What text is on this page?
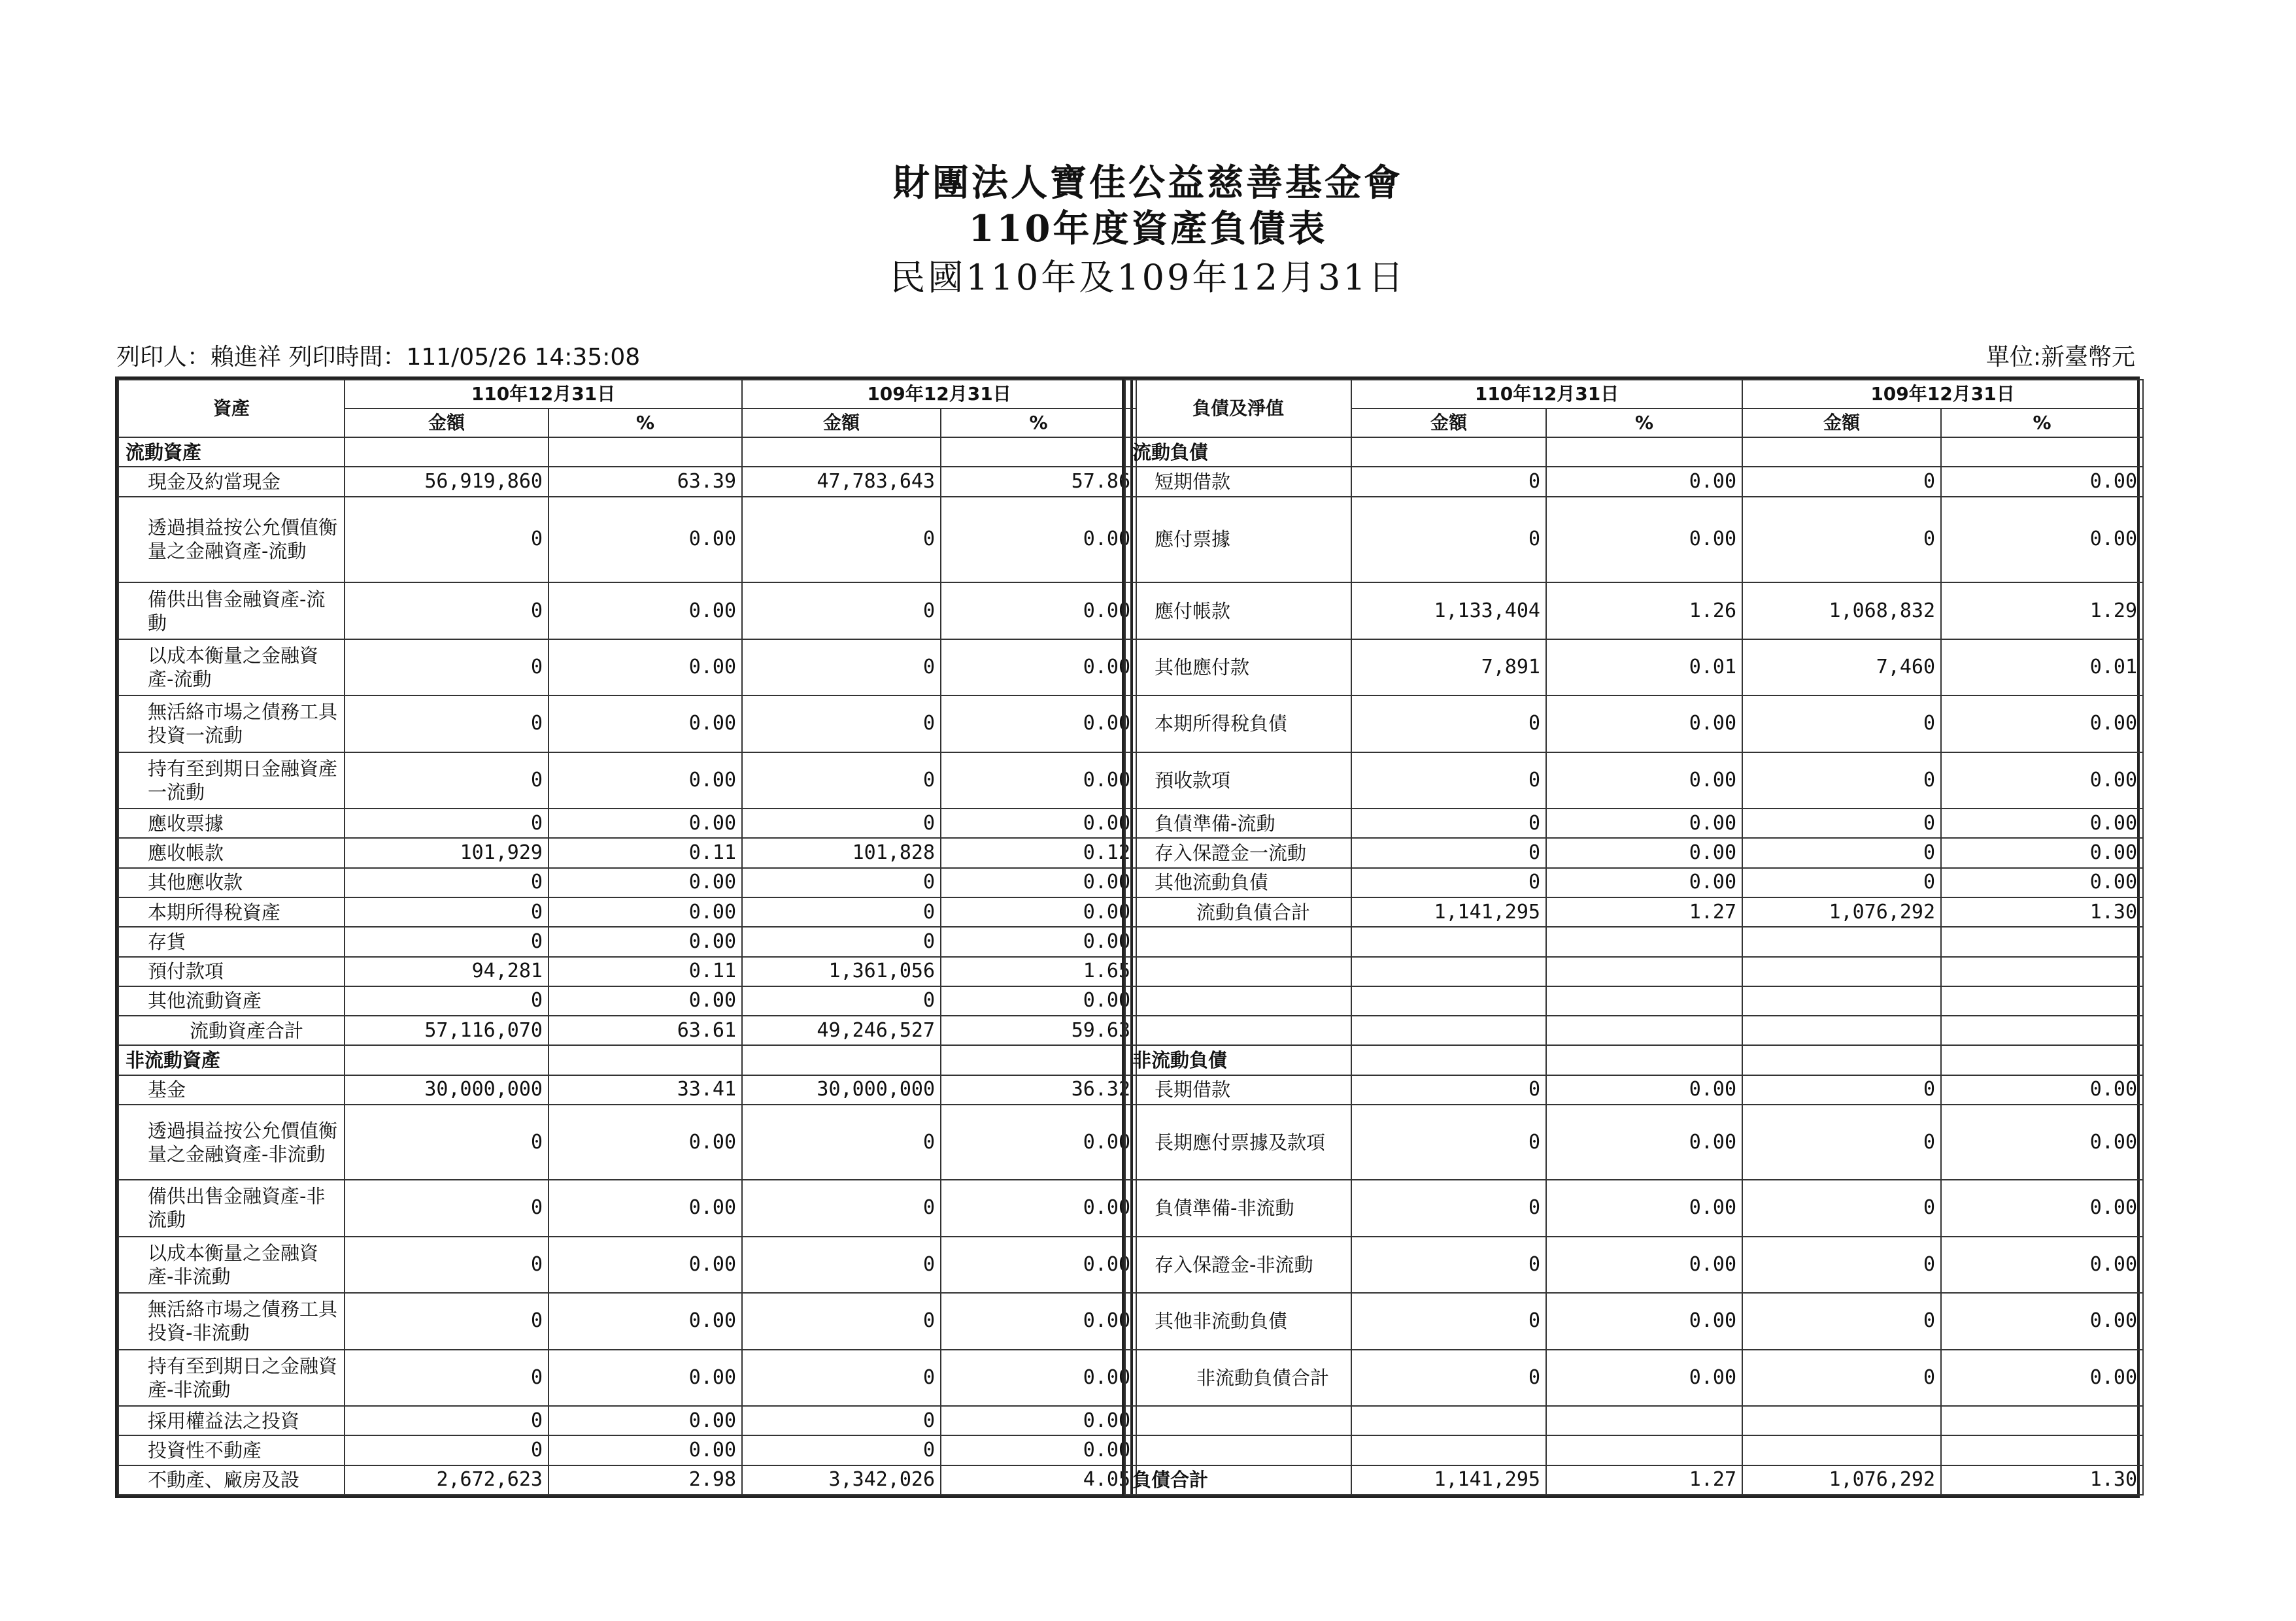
財團法人寶佳公益慈善基金會
110年度資產負債表
民國110年及109年12月31日
列印人：賴進祥 列印時間：111/05/26 14:35:08	單位:新臺幣元
資產	110年12月31日		109年12月31日	
	金額	%	金額	%
流動資產				
現金及約當現金	56,919,860	63.39	47,783,643	57.86
透過損益按公允價值衡量之金融資產-流動	0	0.00	0	0.00
備供出售金融資產-流動	0	0.00	0	0.00
以成本衡量之金融資產-流動	0	0.00	0	0.00
無活絡市場之債務工具投資一流動	0	0.00	0	0.00
持有至到期日金融資產一流動	0	0.00	0	0.00
應收票據	0	0.00	0	0.00
應收帳款	101,929	0.11	101,828	0.12
其他應收款	0	0.00	0	0.00
本期所得稅資產	0	0.00	0	0.00
存貨	0	0.00	0	0.00
預付款項	94,281	0.11	1,361,056	1.65
其他流動資產	0	0.00	0	0.00
流動資產合計	57,116,070	63.61	49,246,527	59.63
非流動資產				
基金	30,000,000	33.41	30,000,000	36.32
透過損益按公允價值衡量之金融資產-非流動	0	0.00	0	0.00
備供出售金融資產-非流動	0	0.00	0	0.00
以成本衡量之金融資產-非流動	0	0.00	0	0.00
無活絡市場之債務工具投資-非流動	0	0.00	0	0.00
持有至到期日之金融資產-非流動	0	0.00	0	0.00
採用權益法之投資	0	0.00	0	0.00
投資性不動產	0	0.00	0	0.00
不動產、廠房及設	2,672,623	2.98	3,342,026	4.05
負債及淨值	110年12月31日		109年12月31日	
	金額	%	金額	%
流動負債				
短期借款	0	0.00	0	0.00
應付票據	0	0.00	0	0.00
應付帳款	1,133,404	1.26	1,068,832	1.29
其他應付款	7,891	0.01	7,460	0.01
本期所得稅負債	0	0.00	0	0.00
預收款項	0	0.00	0	0.00
負債準備-流動	0	0.00	0	0.00
存入保證金一流動	0	0.00	0	0.00
其他流動負債	0	0.00	0	0.00
流動負債合計	1,141,295	1.27	1,076,292	1.30

非流動負債				
長期借款	0	0.00	0	0.00
長期應付票據及款項	0	0.00	0	0.00
負債準備-非流動	0	0.00	0	0.00
存入保證金-非流動	0	0.00	0	0.00
其他非流動負債	0	0.00	0	0.00
非流動負債合計	0	0.00	0	0.00

負債合計	1,141,295	1.27	1,076,292	1.30
